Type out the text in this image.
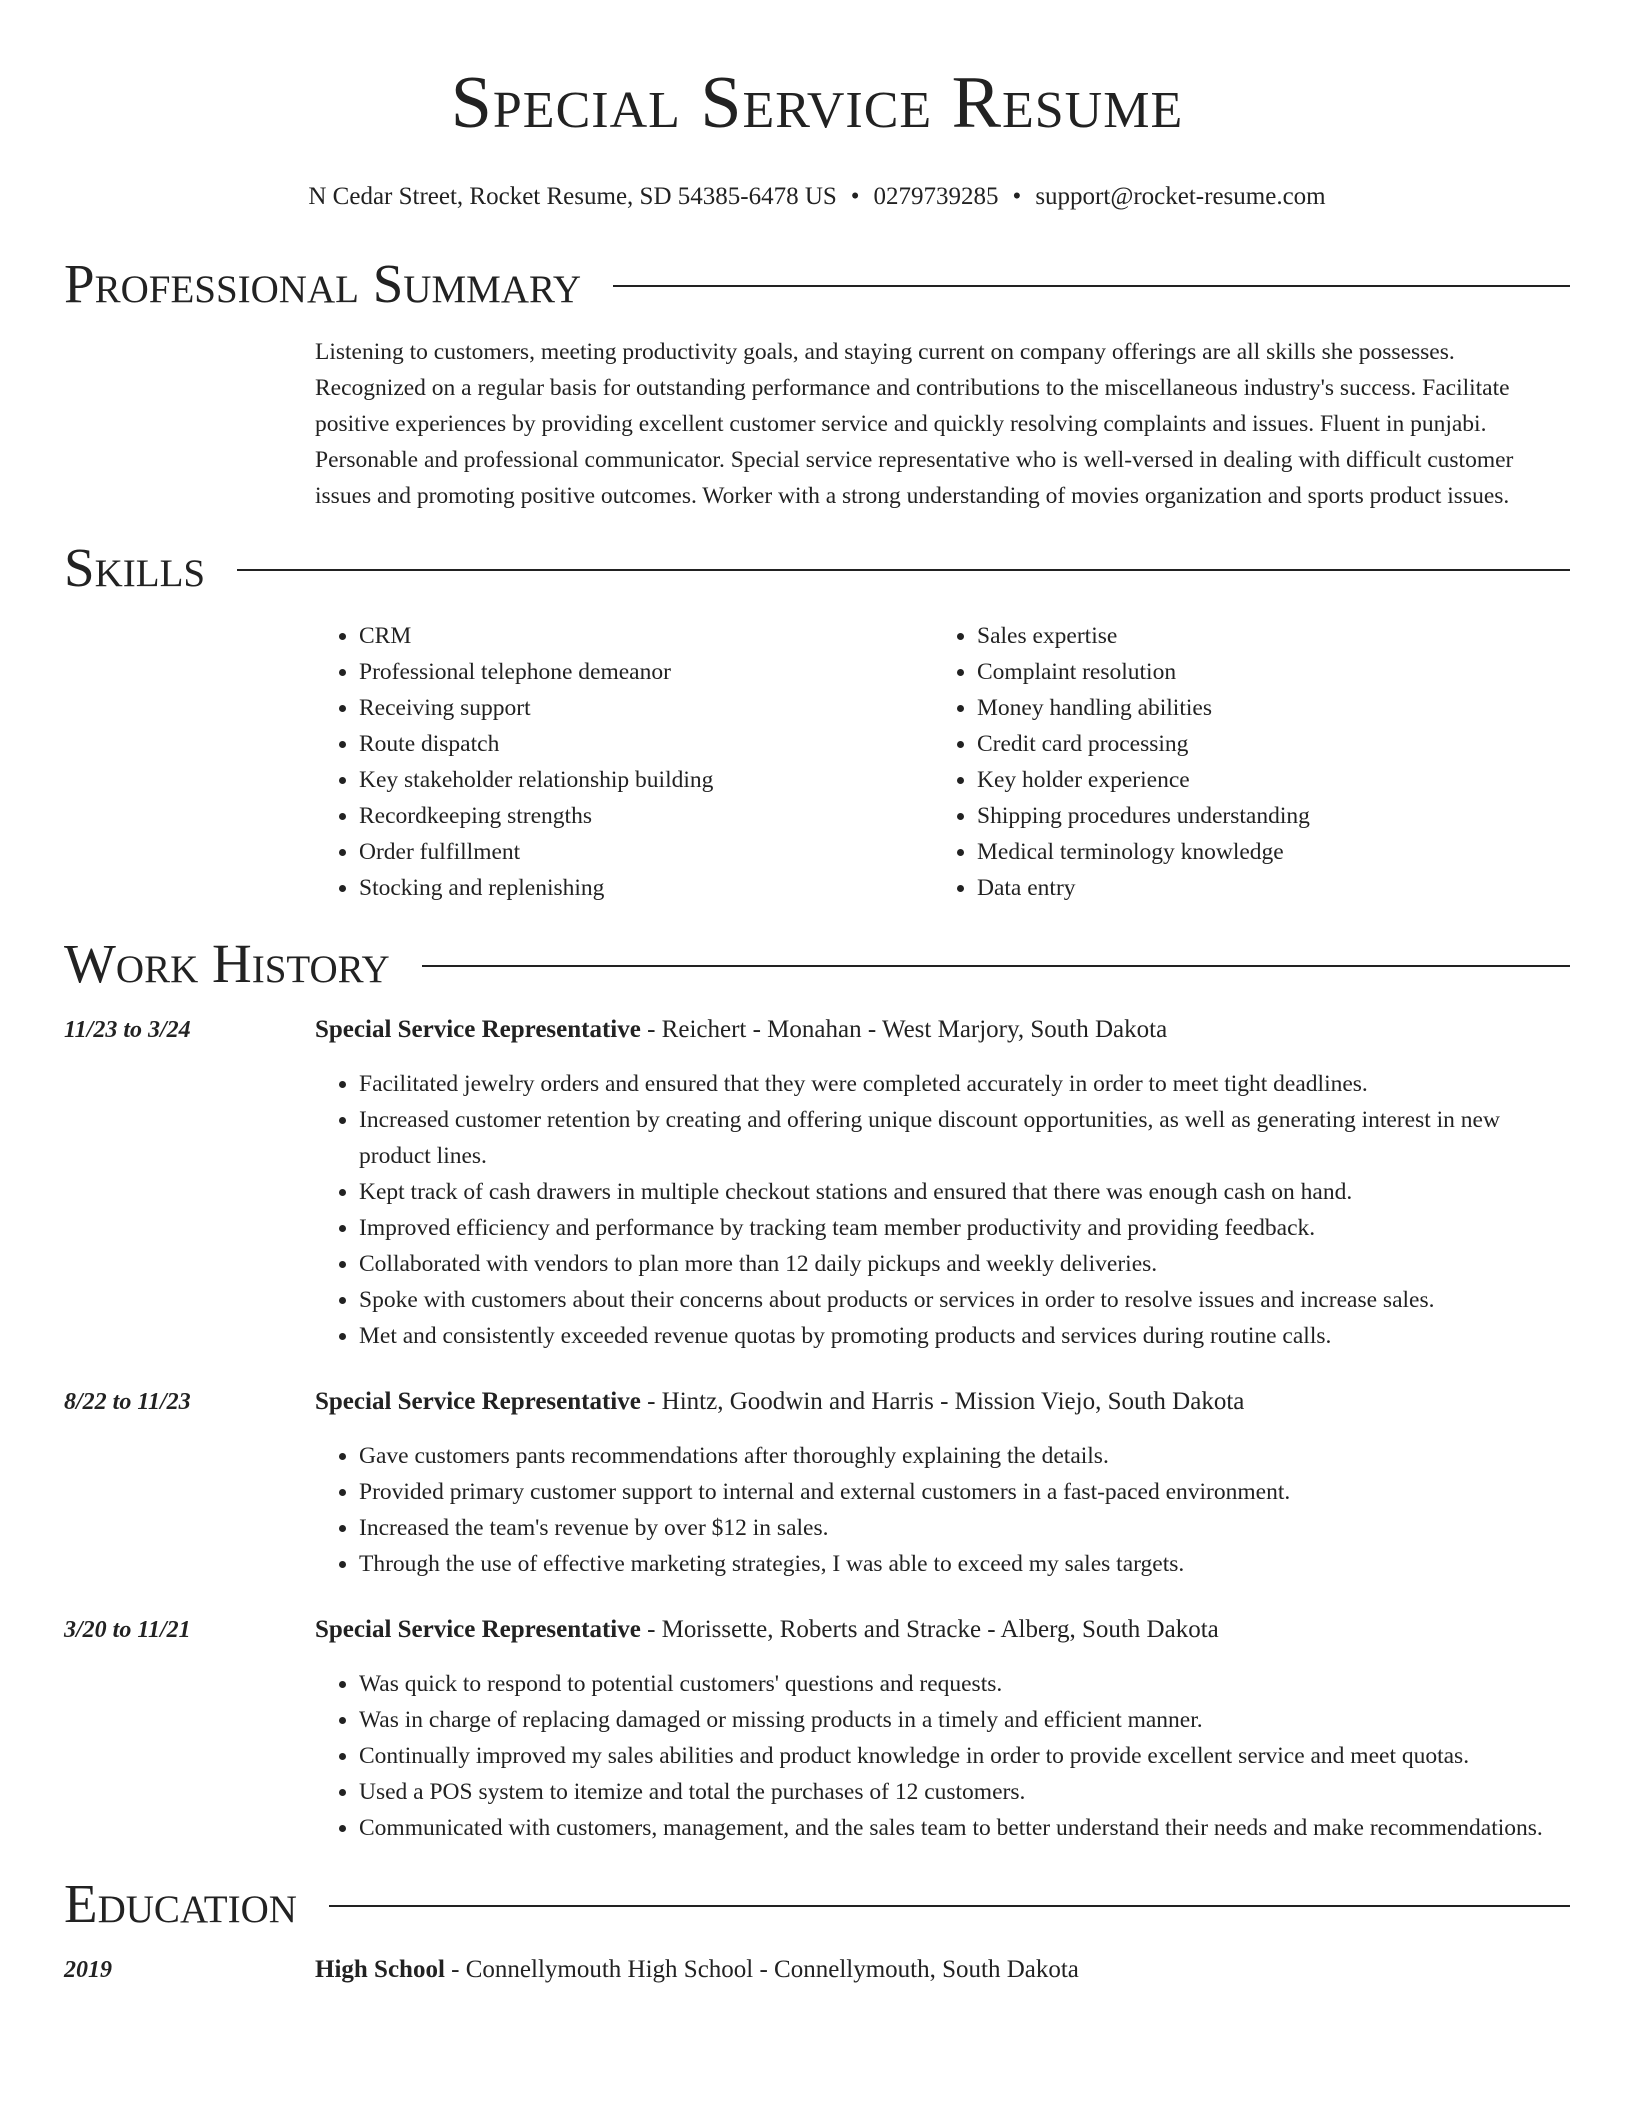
Special Service Resume
N Cedar Street, Rocket Resume, SD 54385-6478 US • 0279739285 • support@rocket-resume.com
Professional Summary

Listening to customers, meeting productivity goals, and staying current on company offerings are all skills she possesses. Recognized on a regular basis for outstanding performance and contributions to the miscellaneous industry's success. Facilitate positive experiences by providing excellent customer service and quickly resolving complaints and issues. Fluent in punjabi. Personable and professional communicator. Special service representative who is well-versed in dealing with difficult customer issues and promoting positive outcomes. Worker with a strong understanding of movies organization and sports product issues.

Skills
• CRM
• Professional telephone demeanor
• Receiving support
• Route dispatch
• Key stakeholder relationship building
• Recordkeeping strengths
• Order fulfillment
• Stocking and replenishing
• Sales expertise
• Complaint resolution
• Money handling abilities
• Credit card processing
• Key holder experience
• Shipping procedures understanding
• Medical terminology knowledge
• Data entry
Work History
11/23 to 3/24	Special Service Representative - Reichert - Monahan - West Marjory, South Dakota
• Facilitated jewelry orders and ensured that they were completed accurately in order to meet tight deadlines.
• Increased customer retention by creating and offering unique discount opportunities, as well as generating interest in new product lines.
• Kept track of cash drawers in multiple checkout stations and ensured that there was enough cash on hand.
• Improved efficiency and performance by tracking team member productivity and providing feedback.
• Collaborated with vendors to plan more than 12 daily pickups and weekly deliveries.
• Spoke with customers about their concerns about products or services in order to resolve issues and increase sales.
• Met and consistently exceeded revenue quotas by promoting products and services during routine calls.
8/22 to 11/23	Special Service Representative - Hintz, Goodwin and Harris - Mission Viejo, South Dakota
• Gave customers pants recommendations after thoroughly explaining the details.
• Provided primary customer support to internal and external customers in a fast-paced environment.
• Increased the team's revenue by over $12 in sales.
• Through the use of effective marketing strategies, I was able to exceed my sales targets.
3/20 to 11/21	Special Service Representative - Morissette, Roberts and Stracke - Alberg, South Dakota
• Was quick to respond to potential customers' questions and requests.
• Was in charge of replacing damaged or missing products in a timely and efficient manner.
• Continually improved my sales abilities and product knowledge in order to provide excellent service and meet quotas.
• Used a POS system to itemize and total the purchases of 12 customers.
• Communicated with customers, management, and the sales team to better understand their needs and make recommendations.
Education
2019	High School - Connellymouth High School - Connellymouth, South Dakota
